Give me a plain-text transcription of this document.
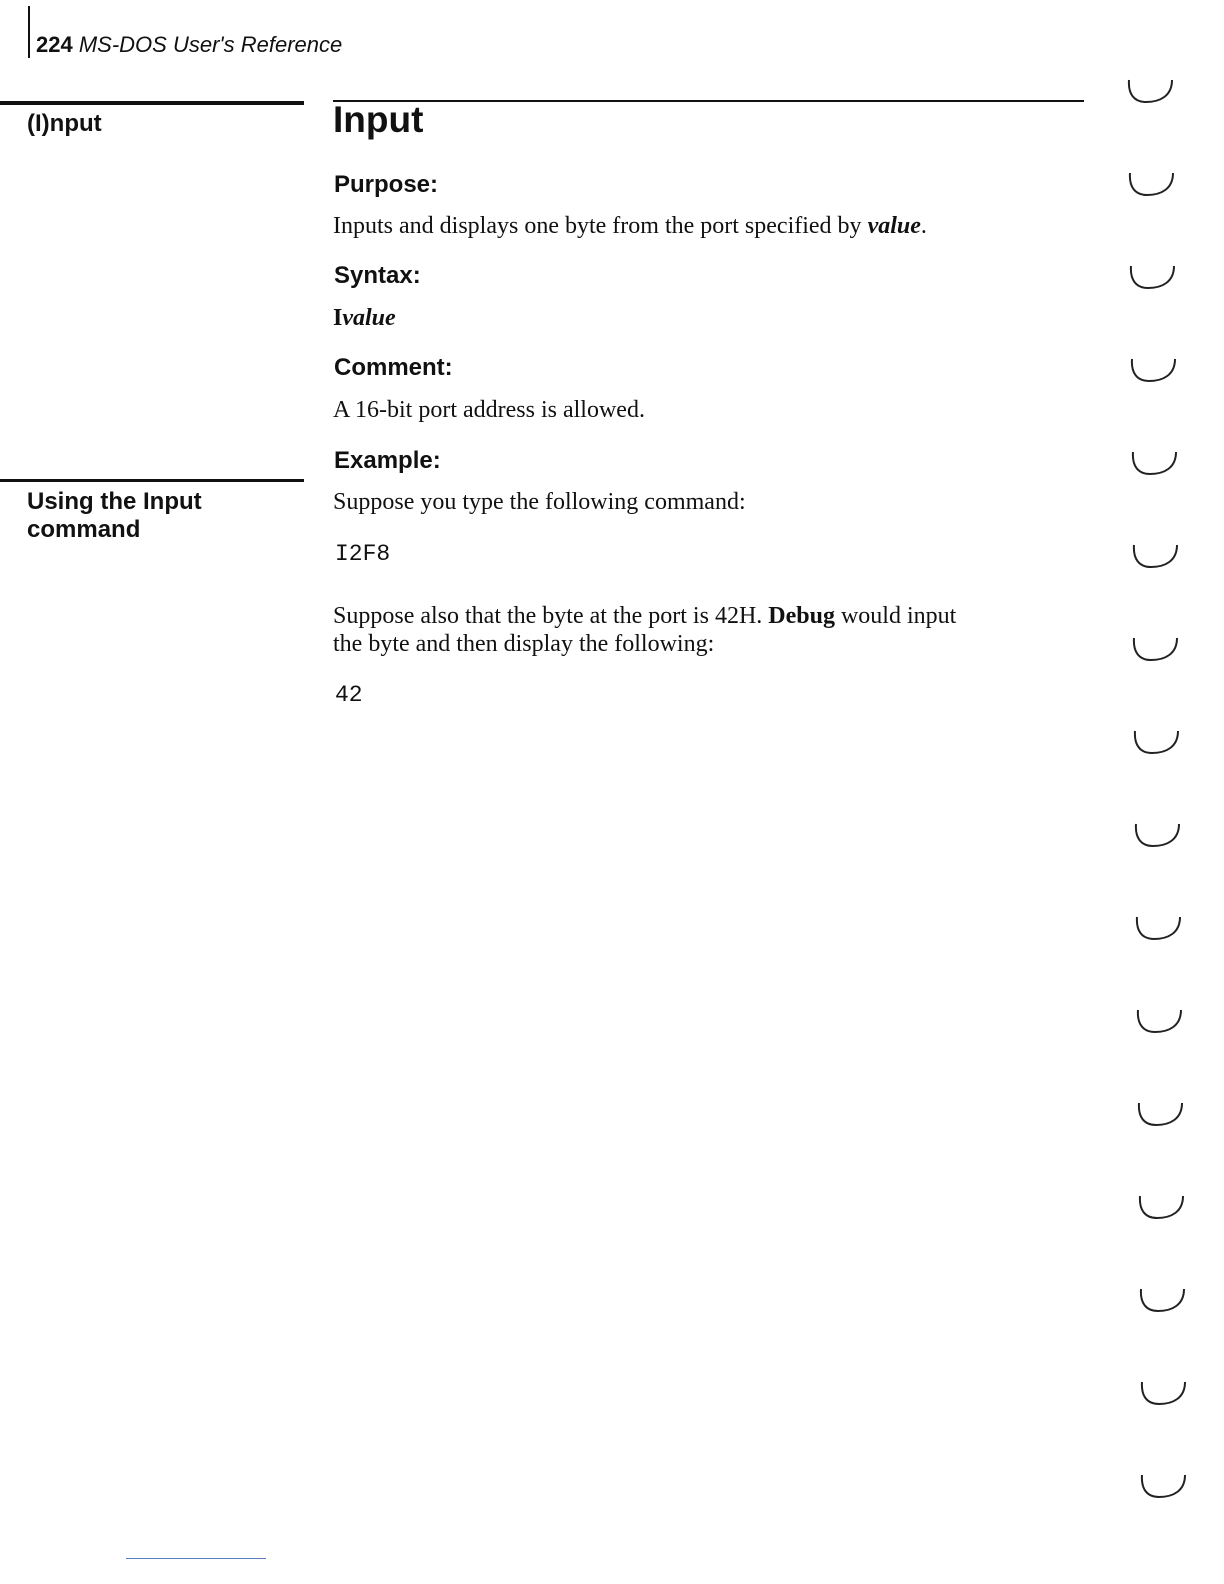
224 MS-DOS User's Reference
(I)nput
Using the Input command
Input
Purpose:
Inputs and displays one byte from the port specified by value.
Syntax:
Ivalue
Comment:
A 16-bit port address is allowed.
Example:
Suppose you type the following command:
I2F8
Suppose also that the byte at the port is 42H. Debug would input
the byte and then display the following:
42
